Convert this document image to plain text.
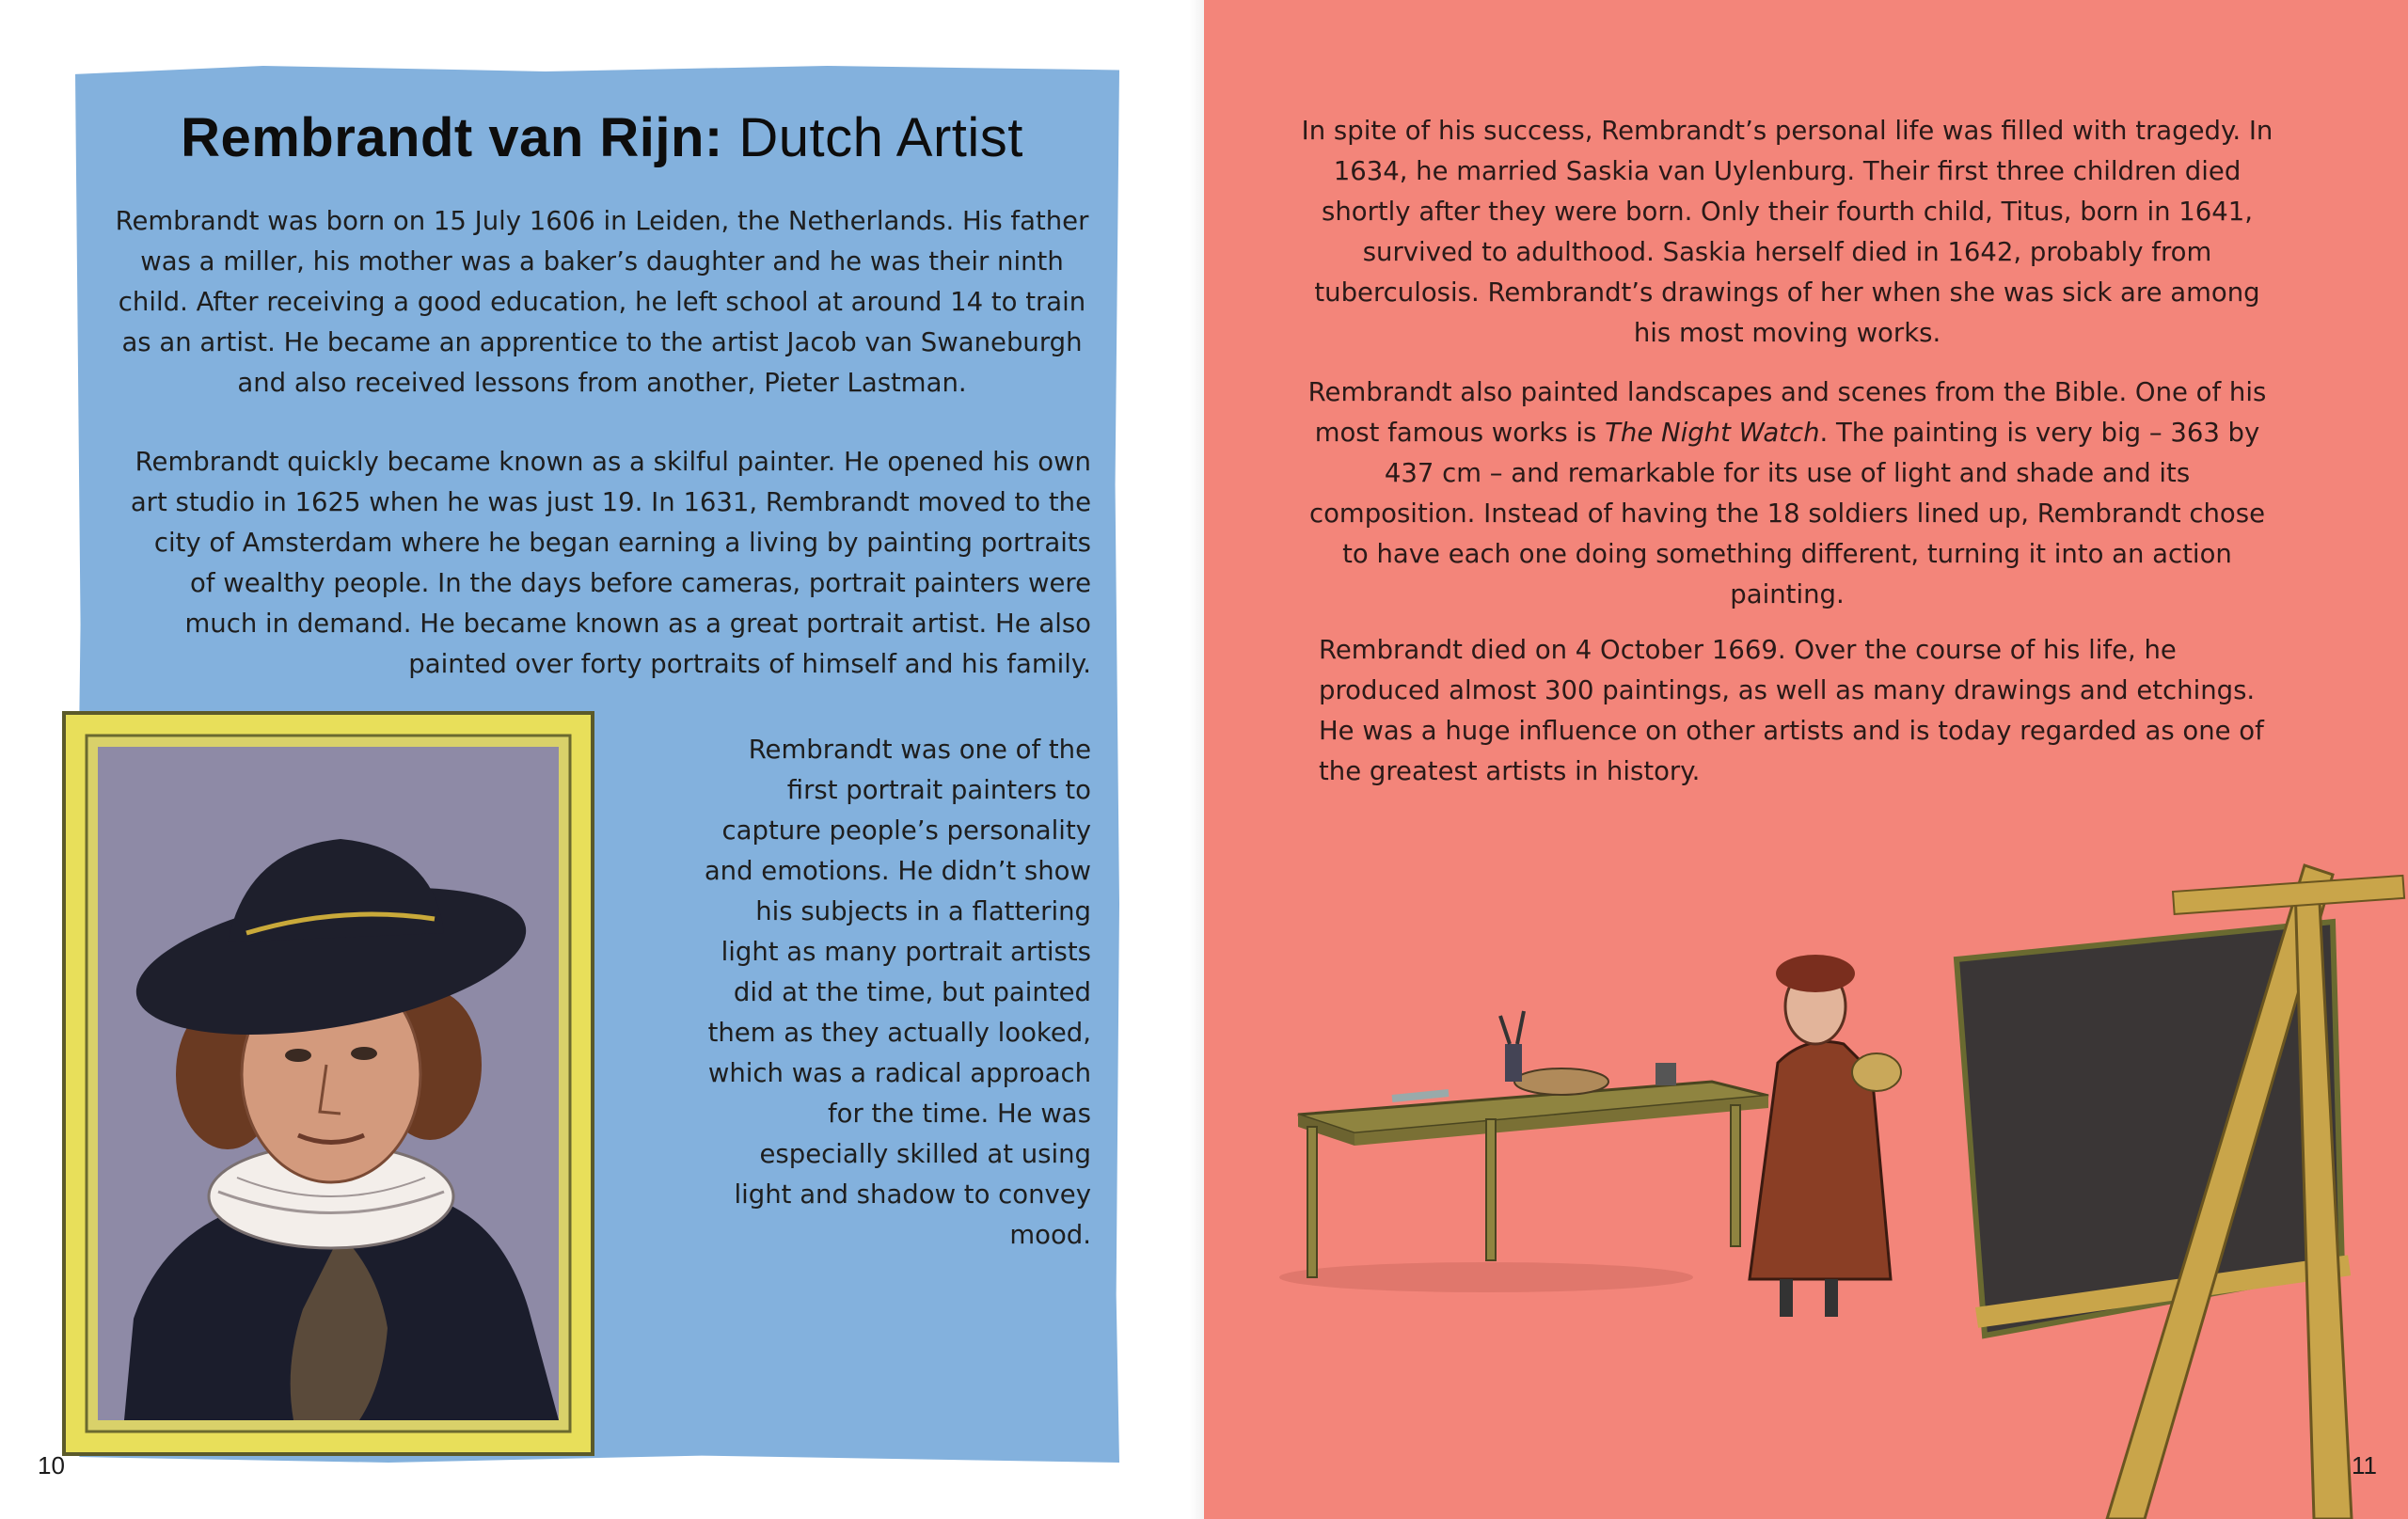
Rembrandt van Rijn: Dutch Artist

Rembrandt was born on 15 July 1606 in Leiden, the Netherlands. His father was a miller, his mother was a baker’s daughter and he was their ninth child. After receiving a good education, he left school at around 14 to train as an artist. He became an apprentice to the artist Jacob van Swaneburgh and also received lessons from another, Pieter Lastman.

Rembrandt quickly became known as a skilful painter. He opened his own art studio in 1625 when he was just 19. In 1631, Rembrandt moved to the city of Amsterdam where he began earning a living by painting portraits of wealthy people. In the days before cameras, portrait painters were much in demand. He became known as a great portrait artist. He also painted over forty portraits of himself and his family.

Rembrandt was one of the first portrait painters to capture people’s personality and emotions. He didn’t show his subjects in a flattering light as many portrait artists did at the time, but painted them as they actually looked, which was a radical approach for the time. He was especially skilled at using light and shadow to convey mood.

10

In spite of his success, Rembrandt’s personal life was filled with tragedy. In 1634, he married Saskia van Uylenburg. Their first three children died shortly after they were born. Only their fourth child, Titus, born in 1641, survived to adulthood. Saskia herself died in 1642, probably from tuberculosis. Rembrandt’s drawings of her when she was sick are among his most moving works.

Rembrandt also painted landscapes and scenes from the Bible. One of his most famous works is The Night Watch. The painting is very big – 363 by 437 cm – and remarkable for its use of light and shade and its composition. Instead of having the 18 soldiers lined up, Rembrandt chose to have each one doing something different, turning it into an action painting.

Rembrandt died on 4 October 1669. Over the course of his life, he produced almost 300 paintings, as well as many drawings and etchings. He was a huge influence on other artists and is today regarded as one of the greatest artists in history.

11
